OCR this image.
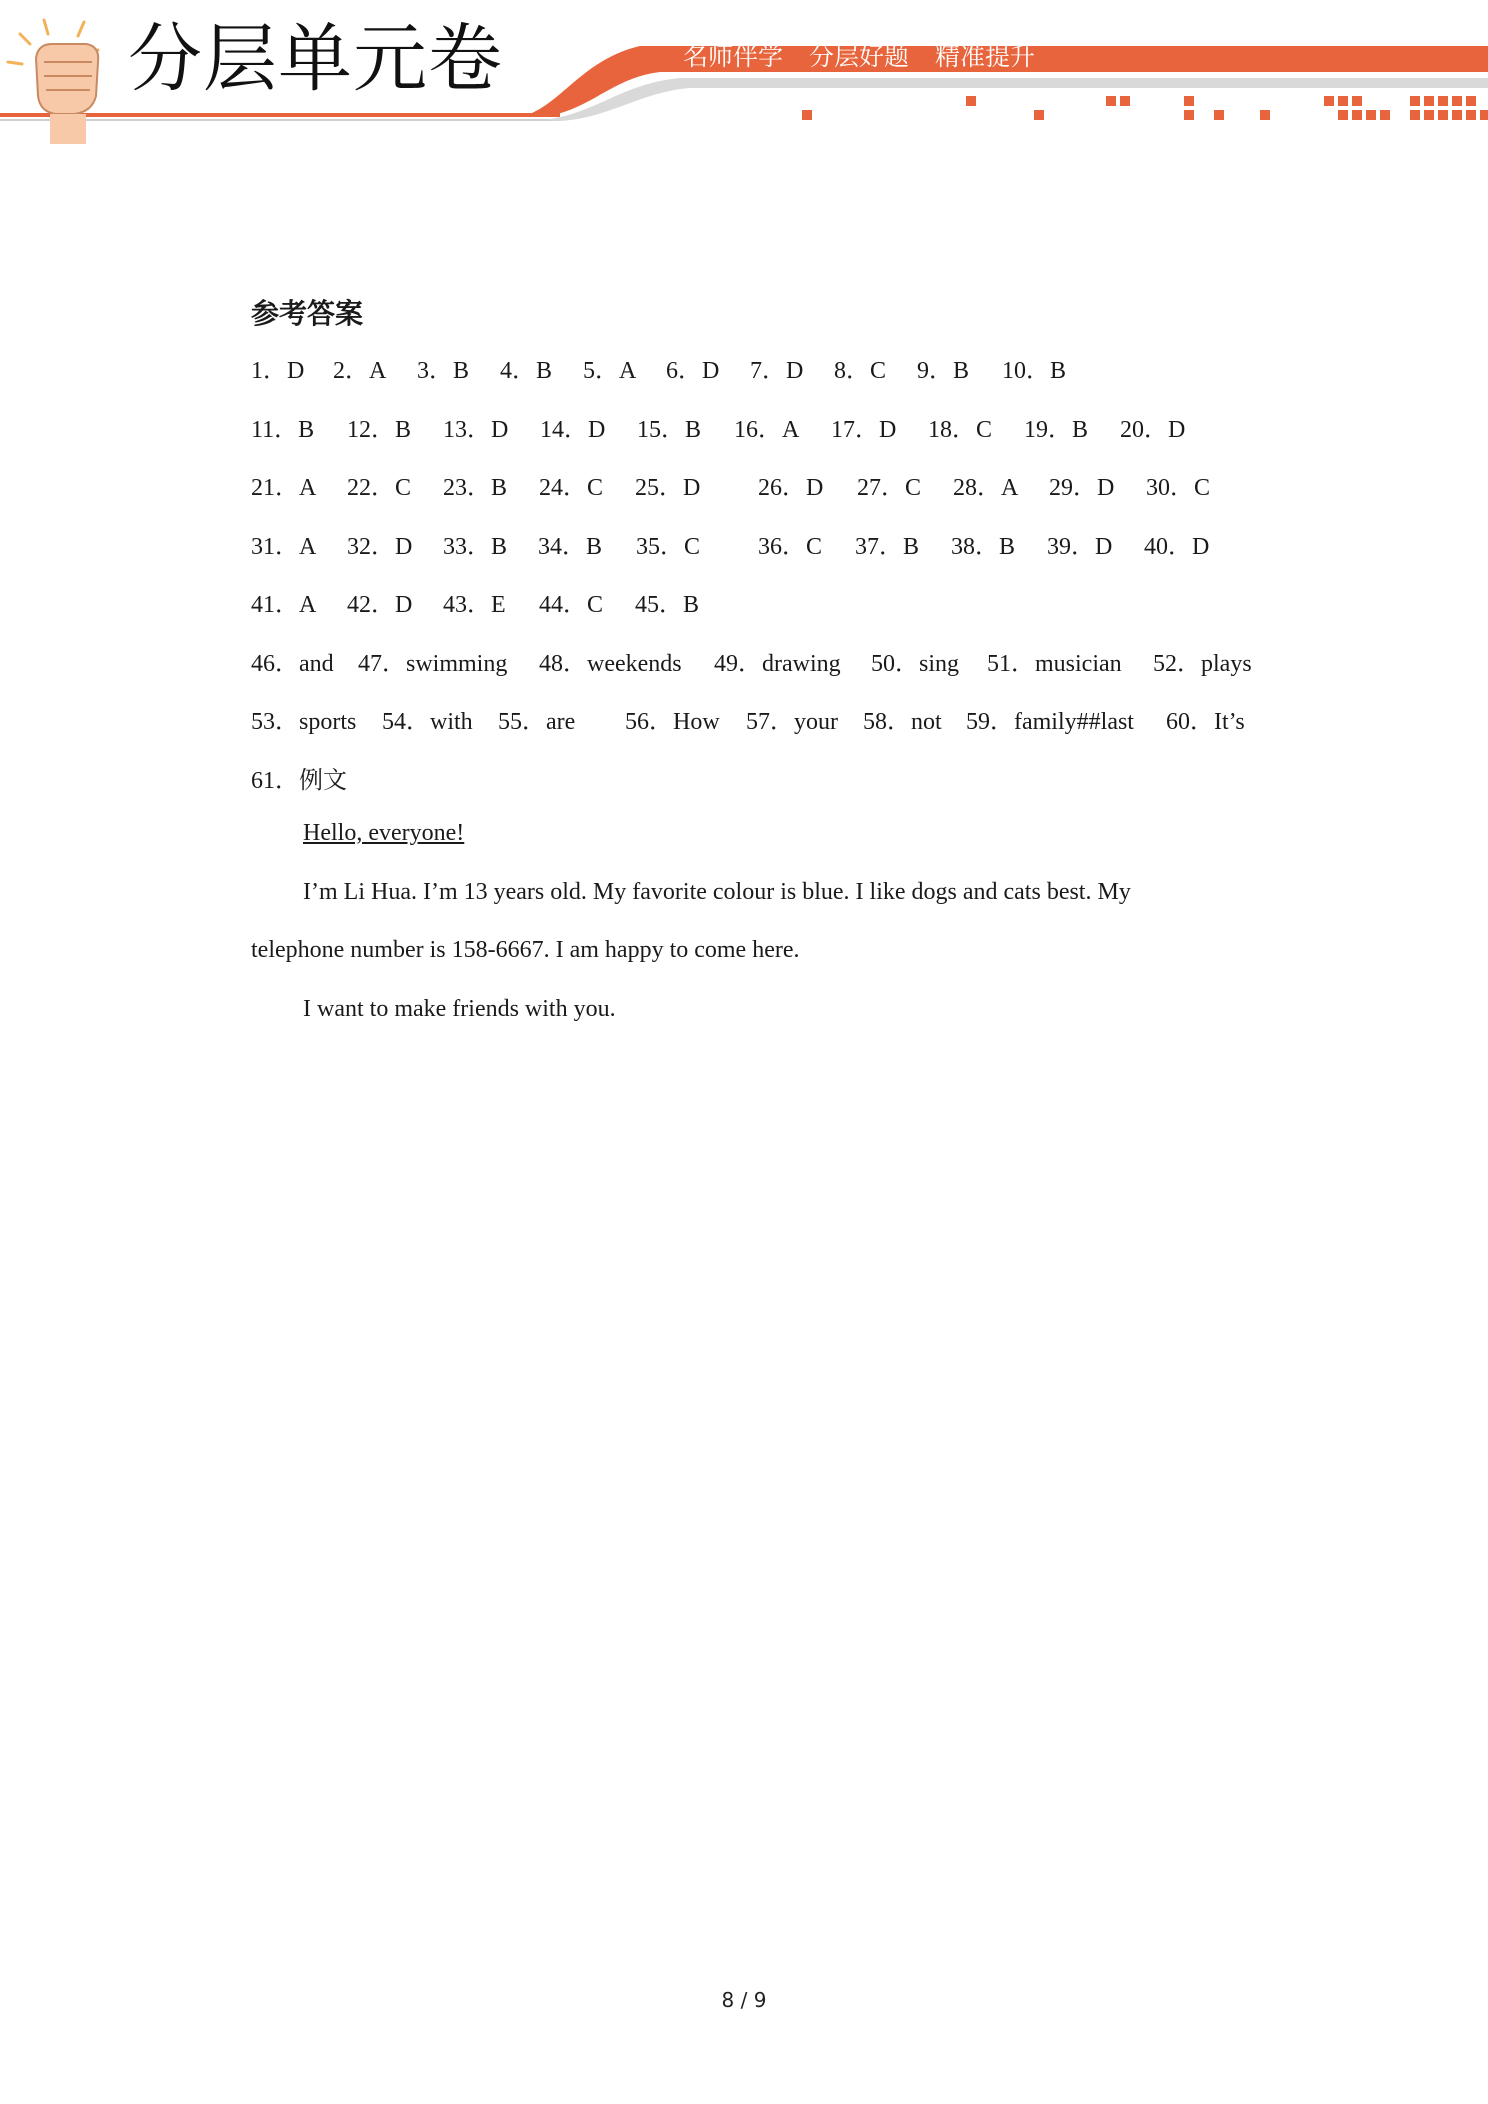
分层单元卷	名师伴学 分层好题 精准提升
参考答案
1．D 2．A 3．B 4．B 5．A 6．D 7．D 8．C 9．B 10．B
11．B 12．B 13．D 14．D 15．B 16．A 17．D 18．C 19．B 20．D
21．A 22．C 23．B 24．C 25．D 26．D 27．C 28．A 29．D 30．C
31．A 32．D 33．B 34．B 35．C 36．C 37．B 38．B 39．D 40．D
41．A 42．D 43．E 44．C 45．B
46．and 47．swimming 48．weekends 49．drawing 50．sing 51．musician 52．plays
53．sports 54．with 55．are 56．How 57．your 58．not 59．family##last 60．It’s
61．例文
Hello, everyone!
I’m Li Hua. I’m 13 years old. My favorite colour is blue. I like dogs and cats best. My
telephone number is 158-6667. I am happy to come here.
I want to make friends with you.
8 / 9
